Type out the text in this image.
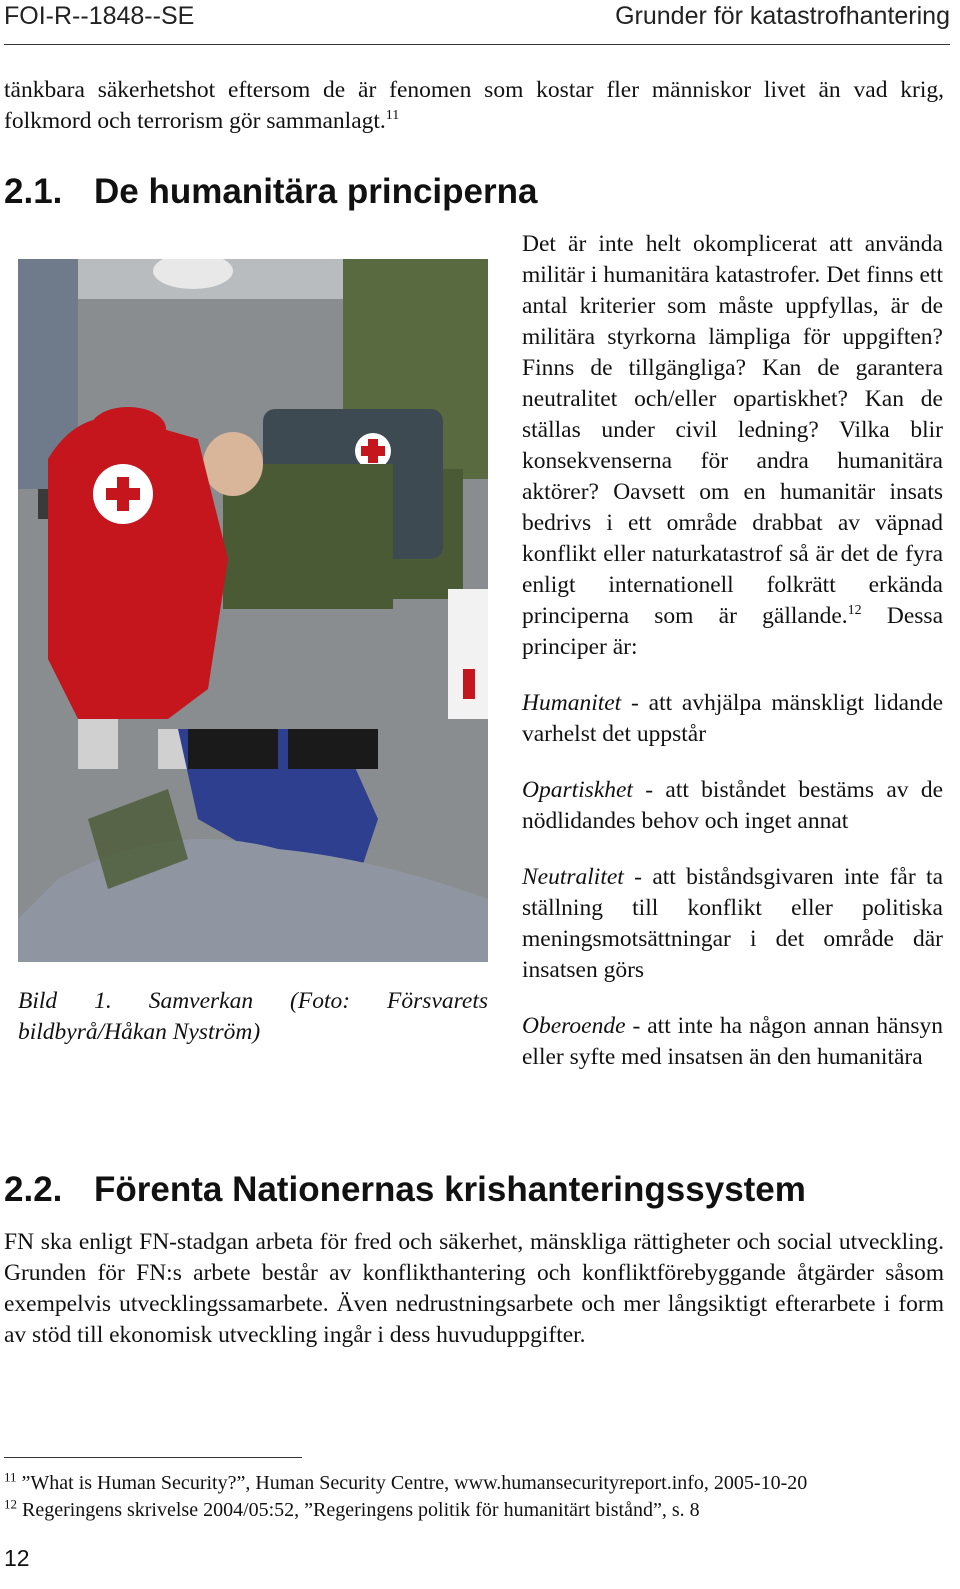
FOI-R--1848--SE	Grunder för katastrofhantering

tänkbara säkerhetshot eftersom de är fenomen som kostar fler människor livet än vad krig, folkmord och terrorism gör sammanlagt.$^{11}$

2.1. De humanitära principerna

Bild 1. Samverkan (Foto: Försvarets bildbyrå/Håkan Nyström)

Det är inte helt okomplicerat att använda militär i humanitära katastrofer. Det finns ett antal kriterier som måste uppfyllas, är de militära styrkorna lämpliga för uppgiften? Finns de tillgängliga? Kan de garantera neutralitet och/eller opartiskhet? Kan de ställas under civil ledning? Vilka blir konsekvenserna för andra humanitära aktörer? Oavsett om en humanitär insats bedrivs i ett område drabbat av väpnad konflikt eller naturkatastrof så är det de fyra enligt internationell folkrätt erkända principerna som är gällande.$^{12}$ Dessa principer är:

Humanitet - att avhjälpa mänskligt lidande varhelst det uppstår

Opartiskhet - att biståndet bestäms av de nödlidandes behov och inget annat

Neutralitet - att biståndsgivaren inte får ta ställning till konflikt eller politiska meningsmotsättningar i det område där insatsen görs

Oberoende - att inte ha någon annan hänsyn eller syfte med insatsen än den humanitära

2.2. Förenta Nationernas krishanteringssystem

FN ska enligt FN-stadgan arbeta för fred och säkerhet, mänskliga rättigheter och social utveckling. Grunden för FN:s arbete består av konflikthantering och konfliktförebyggande åtgärder såsom exempelvis utvecklingssamarbete. Även nedrustningsarbete och mer långsiktigt efterarbete i form av stöd till ekonomisk utveckling ingår i dess huvuduppgifter.

$^{11}$ ”What is Human Security?”, Human Security Centre, www.humansecurityreport.info, 2005-10-20
$^{12}$ Regeringens skrivelse 2004/05:52, ”Regeringens politik för humanitärt bistånd”, s. 8
12
